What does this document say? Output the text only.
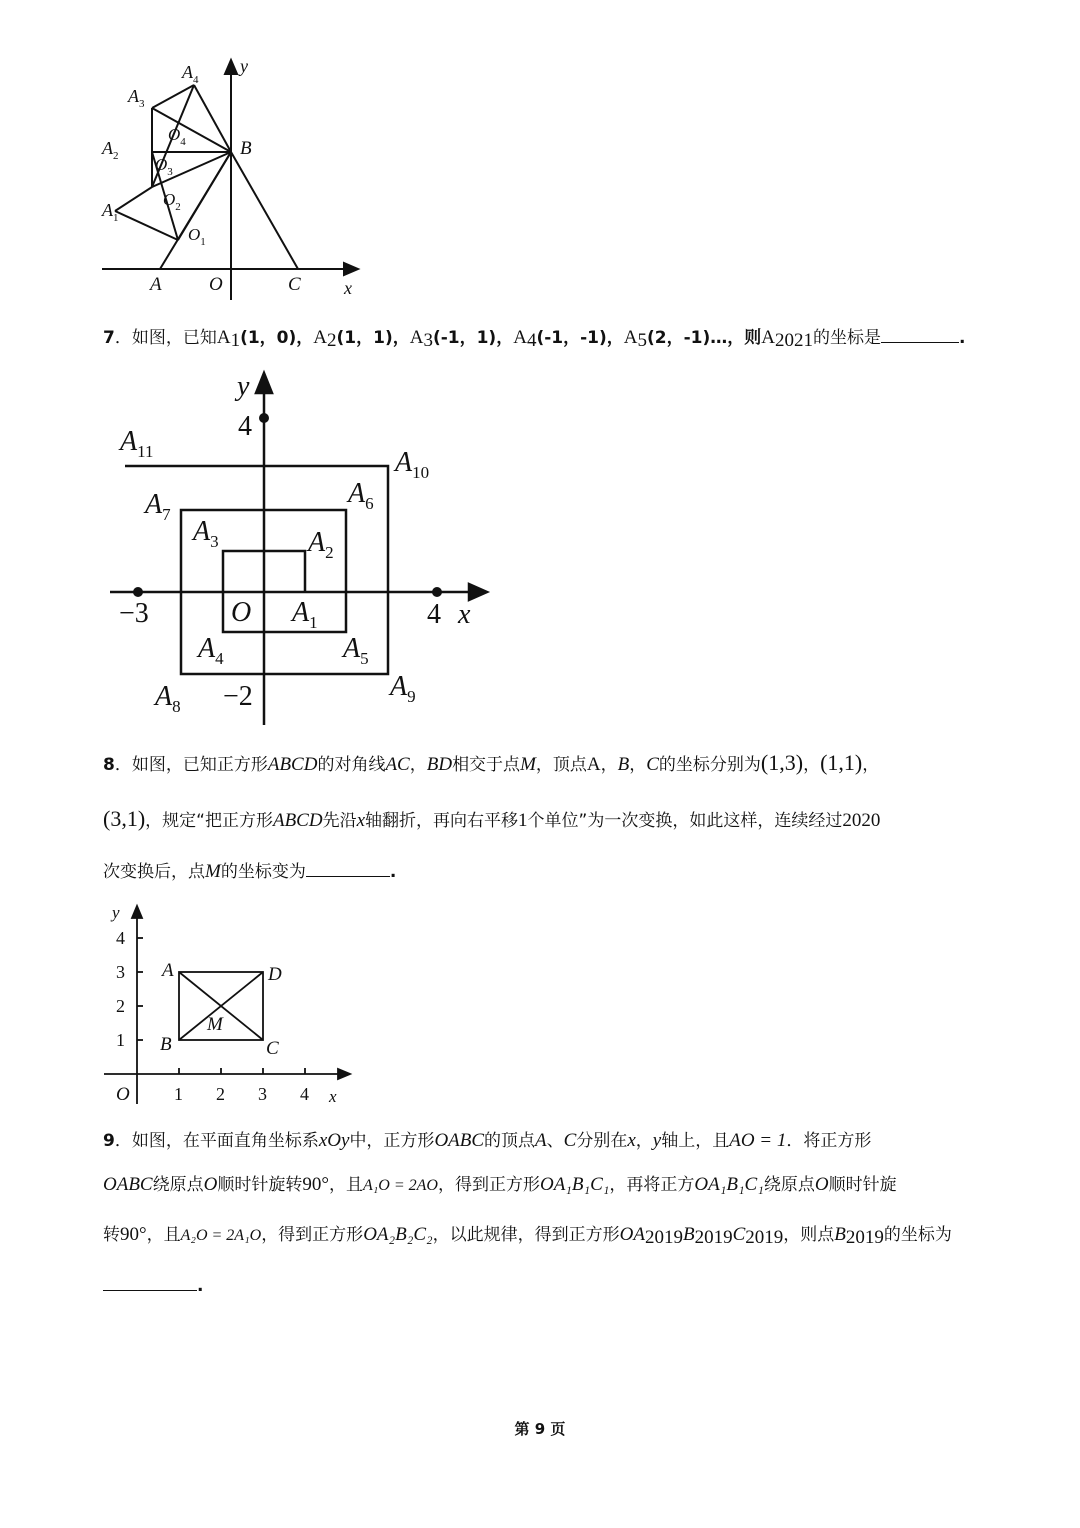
y
x
B
A O	C
$A_1$
$A_2$
$A_3$
$A_4$
$O_1$
$O_2$
$O_3$
$O_4$
7．如图，已知$A_1(1$，0)，$A_2(1$，1)，$A_3(-1$，1)，$A_4(-1$，-1)，$A_5(2$，-1)…，则$A_{2021}$的坐标是	.
y
4
−3	4 x
O
−2
$A_1$
$A_2$
$A_3$
$A_4$	$A_5$
$A_6$
$A_7$
$A_8$
$A_9$
$A_{10}$
$A_{11}$
8．如图，已知正方形ABCD的对角线AC，BD相交于点M，顶点A，B，C的坐标分别为(1,3)，(1,1)，
(3,1)，规定“把正方形ABCD先沿x轴翻折，再向右平移1个单位”为一次变换，如此这样，连续经过2020
次变换后，点M的坐标变为	.
y
x
O
1
2
3
4
1 2 3 4
A
B	C
D
M
9．如图，在平面直角坐标系xOy中，正方形OABC的顶点A、C分别在x，y轴上，且AO = 1．将正方形
OABC绕原点O顺时针旋转90°，且A₁O = 2AO，得到正方形OA₁B₁C₁，再将正方OA₁B₁C₁绕原点O顺时针旋
转90°，且A₂O = 2A₁O，得到正方形OA₂B₂C₂，以此规律，得到正方形$OA_{2019}B_{2019}C_{2019}$，则点$B_{2019}$的坐标为
.
第 9 页
